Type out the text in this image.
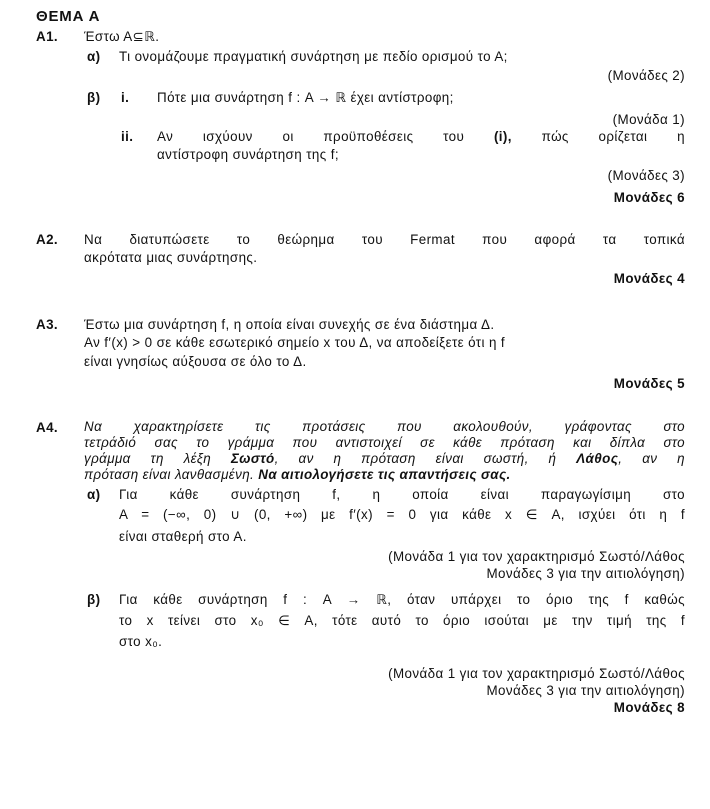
ΘΕΜΑ Α
Α1. Έστω Α⊆ℝ.
α) Τι ονομάζουμε πραγματική συνάρτηση με πεδίο ορισμού το Α;
(Μονάδες 2)
β) i. Πότε μια συνάρτηση f : Α → ℝ έχει αντίστροφη;
(Μονάδα 1)
ii. Αν ισχύουν οι προϋποθέσεις του (i), πώς ορίζεται η
αντίστροφη συνάρτηση της f;
(Μονάδες 3)
Μονάδες 6
Α2. Να διατυπώσετε το θεώρημα του Fermat που αφορά τα τοπικά
ακρότατα μιας συνάρτησης.
Μονάδες 4
Α3. Έστω μια συνάρτηση f, η οποία είναι συνεχής σε ένα διάστημα Δ.
Αν f′(x) > 0 σε κάθε εσωτερικό σημείο x του Δ, να αποδείξετε ότι η f
είναι γνησίως αύξουσα σε όλο το Δ.
Μονάδες 5
Α4. Να χαρακτηρίσετε τις προτάσεις που ακολουθούν, γράφοντας στο
τετράδιό σας το γράμμα που αντιστοιχεί σε κάθε πρόταση και δίπλα στο
γράμμα τη λέξη Σωστό, αν η πρόταση είναι σωστή, ή Λάθος, αν η
πρόταση είναι λανθασμένη. Να αιτιολογήσετε τις απαντήσεις σας.
α) Για κάθε συνάρτηση f, η οποία είναι παραγωγίσιμη στο
Α = (−∞, 0) ∪ (0, +∞) με f′(x) = 0 για κάθε x ∈ Α, ισχύει ότι η f
είναι σταθερή στο Α.
(Μονάδα 1 για τον χαρακτηρισμό Σωστό/Λάθος
Μονάδες 3 για την αιτιολόγηση)
β) Για κάθε συνάρτηση f : Α → ℝ, όταν υπάρχει το όριο της f καθώς
το x τείνει στο x₀ ∈ Α, τότε αυτό το όριο ισούται με την τιμή της f
στο x₀.
(Μονάδα 1 για τον χαρακτηρισμό Σωστό/Λάθος
Μονάδες 3 για την αιτιολόγηση)
Μονάδες 8
